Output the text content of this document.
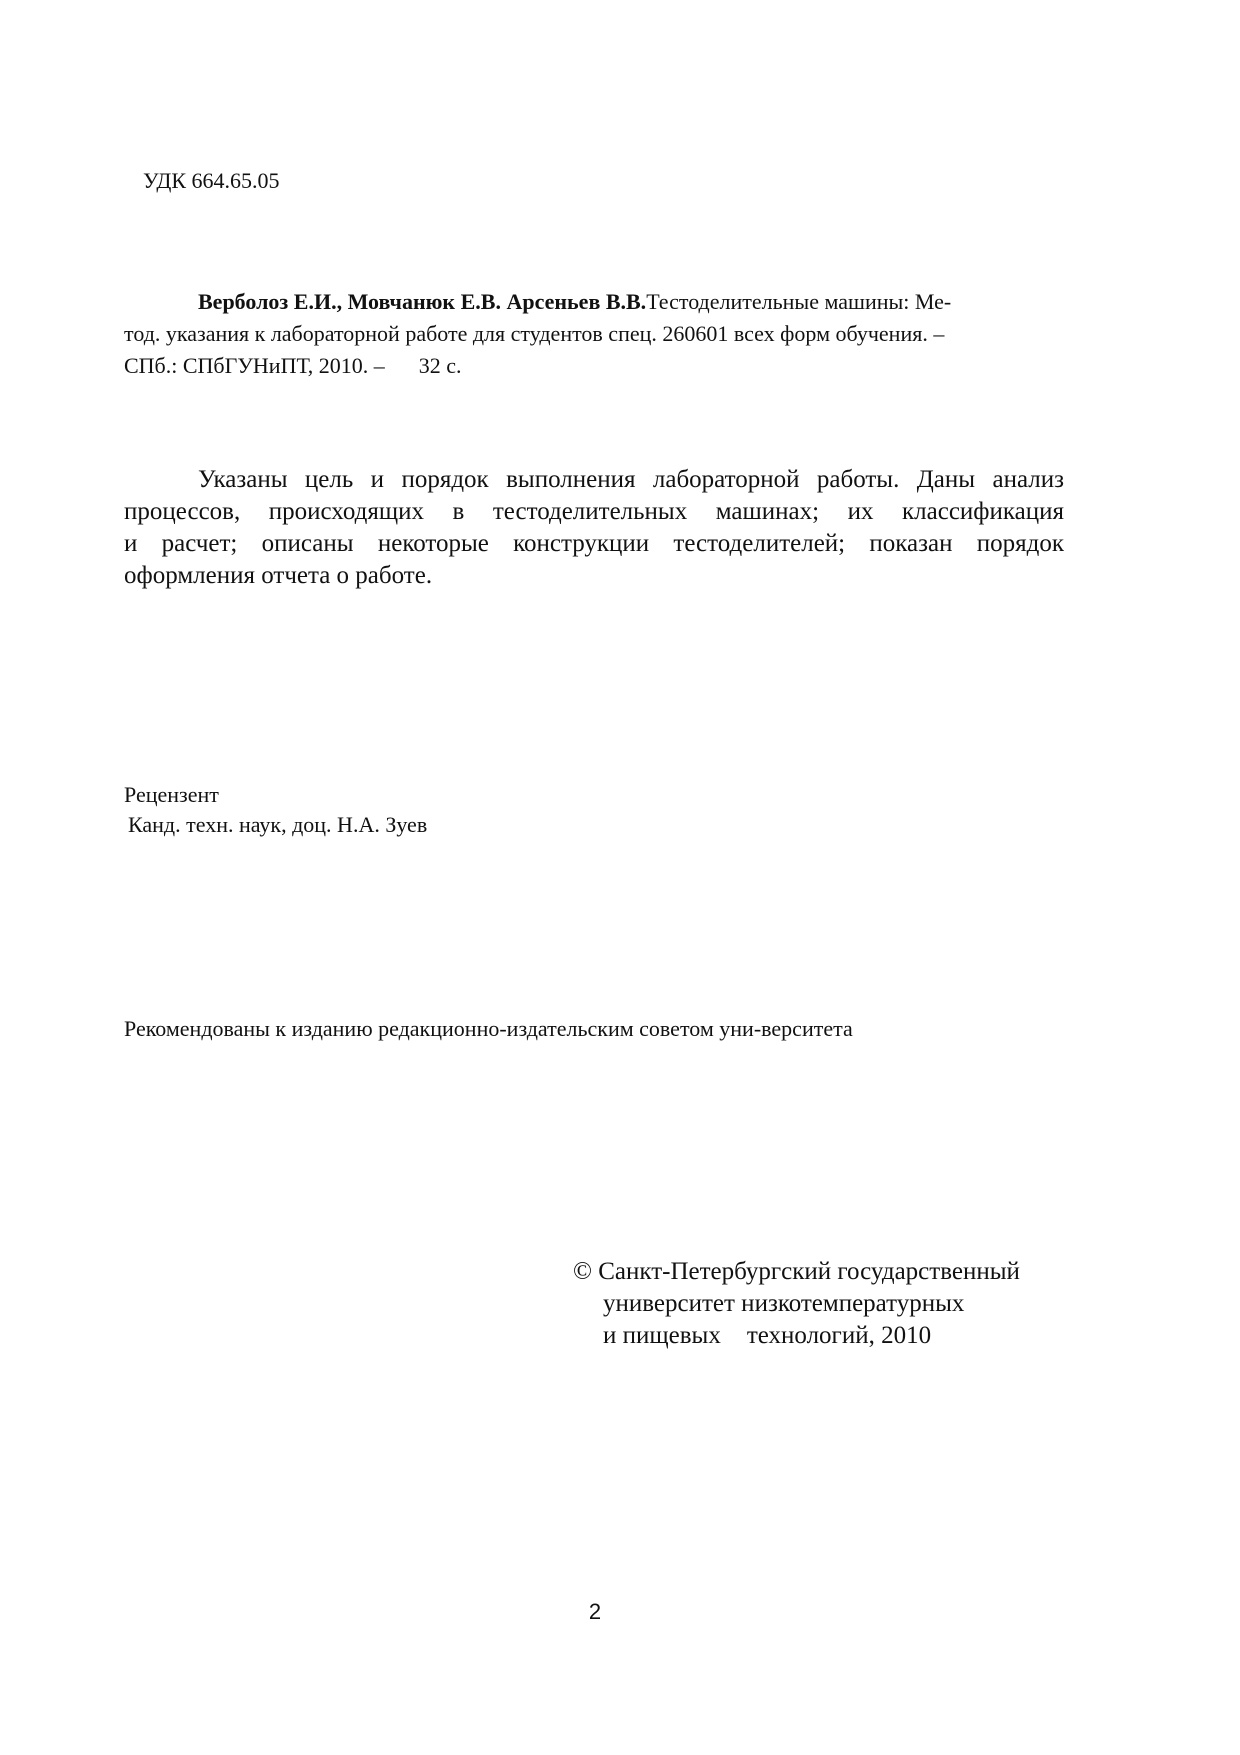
УДК 664.65.05

Верболоз Е.И., Мовчанюк Е.В. Арсеньев В.В.Тестоделительные машины: Ме-
тод. указания к лабораторной работе для студентов спец. 260601 всех форм обучения. –
СПб.: СПбГУНиПТ, 2010. – 32 с.
Указаны цель и порядок выполнения лабораторной работы. Даны анализ
процессов, происходящих в тестоделительных машинах; их классификация
и расчет; описаны некоторые конструкции тестоделителей; показан порядок
оформления отчета о работе.
Рецензент
Канд. техн. наук, доц. Н.А. Зуев

Рекомендованы к изданию редакционно-издательским советом уни-верситета

© Санкт-Петербургский государственный
университет низкотемпературных
и пищевых технологий, 2010

2
